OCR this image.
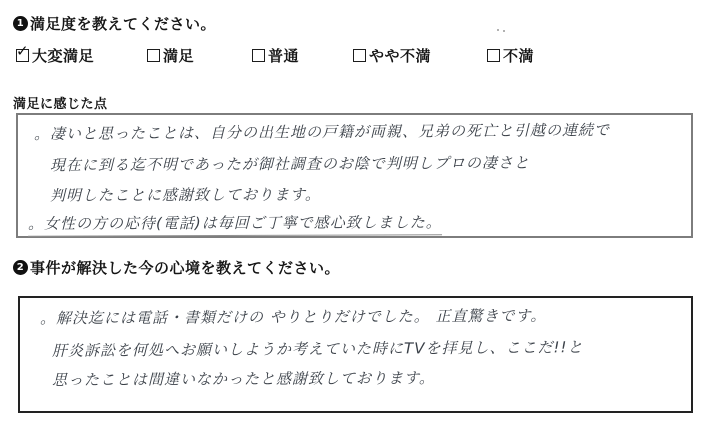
1 満足度を教えてください。
✓ 大変満足	満足	普通	やや不満	不満
満足に感じた点
。凄いと思ったことは、自分の出生地の戸籍が両親、兄弟の死亡と引越の連続で
現在に到る迄不明であったが御社調査のお陰で判明しプロの凄さと
判明したことに感謝致しております。
。女性の方の応待(電話)は毎回ご丁寧で感心致しました。
2 事件が解決した今の心境を教えてください。
。解決迄には電話・書類だけの やりとりだけでした。 正直驚きです。
肝炎訴訟を何処へお願いしようか考えていた時にTVを拝見し、ここだ!!と
思ったことは間違いなかったと感謝致しております。
